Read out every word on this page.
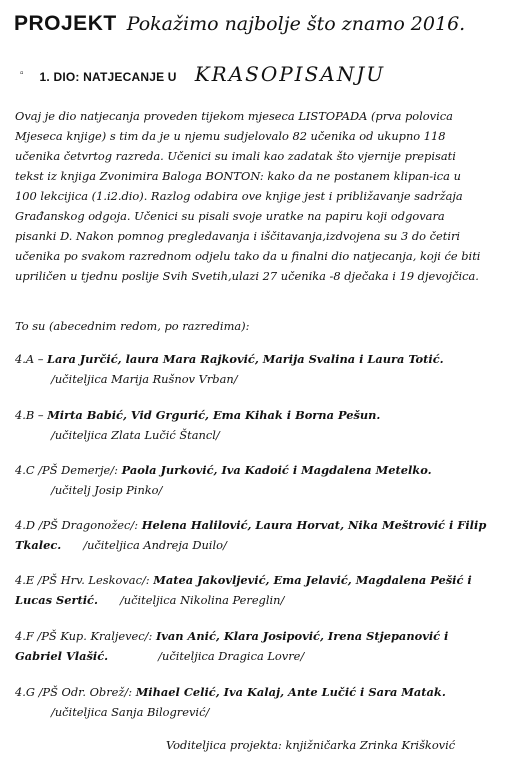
PROJEKT Pokažimo najbolje što znamo 2016.
▫ 1. DIO: NATJECANJE U KRASOPISANJU
Ovaj je dio natjecanja proveden tijekom mjeseca LISTOPADA (prva polovica
Mjeseca knjige) s tim da je u njemu sudjelovalo 82 učenika od ukupno 118
učenika četvrtog razreda. Učenici su imali kao zadatak što vjernije prepisati
tekst iz knjiga Zvonimira Baloga BONTON: kako da ne postanem klipan-ica u
100 lekcijica (1.i2.dio). Razlog odabira ove knjige jest i približavanje sadržaja
Građanskog odgoja. Učenici su pisali svoje uratke na papiru koji odgovara
pisanki D. Nakon pomnog pregledavanja i iščitavanja,izdvojena su 3 do četiri
učenika po svakom razrednom odjelu tako da u finalni dio natjecanja, koji će biti
upriličen u tjednu poslije Svih Svetih,ulazi 27 učenika -8 dječaka i 19 djevojčica.
To su (abecednim redom, po razredima):
4.A – Lara Jurčić, laura Mara Rajković, Marija Svalina i Laura Totić.
/učiteljica Marija Rušnov Vrban/
4.B – Mirta Babić, Vid Grgurić, Ema Kihak i Borna Pešun.
/učiteljica Zlata Lučić Štancl/
4.C /PŠ Demerje/: Paola Jurković, Iva Kadoić i Magdalena Metelko.
/učitelj Josip Pinko/
4.D /PŠ Dragonožec/: Helena Halilović, Laura Horvat, Nika Meštrović i Filip
Tkalec. /učiteljica Andreja Duilo/
4.E /PŠ Hrv. Leskovac/: Matea Jakovljević, Ema Jelavić, Magdalena Pešić i
Lucas Sertić. /učiteljica Nikolina Pereglin/
4.F /PŠ Kup. Kraljevec/: Ivan Anić, Klara Josipović, Irena Stjepanović i
Gabriel Vlašić.	/učiteljica Dragica Lovre/
4.G /PŠ Odr. Obrež/: Mihael Celić, Iva Kalaj, Ante Lučić i Sara Matak.
/učiteljica Sanja Bilogrević/
Voditeljica projekta: knjižničarka Zrinka Krišković
